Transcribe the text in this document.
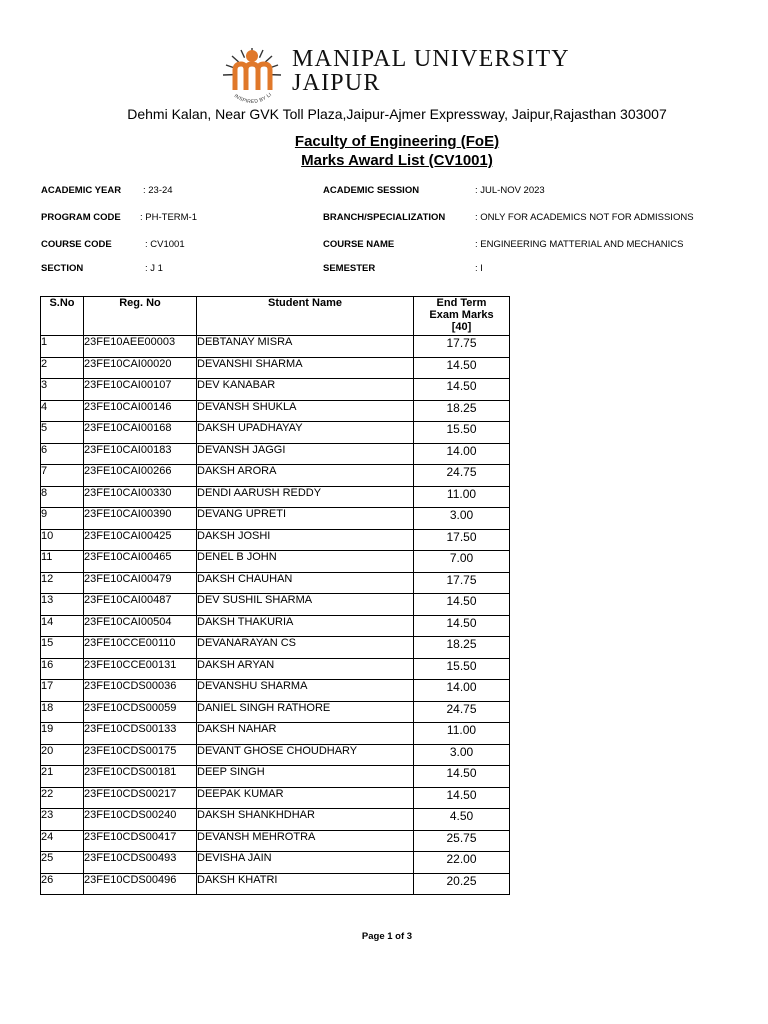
INSPIRED BY LI
MANIPAL UNIVERSITY
JAIPUR
Dehmi Kalan, Near GVK Toll Plaza,Jaipur-Ajmer Expressway, Jaipur,Rajasthan 303007
Faculty of Engineering (FoE)
Marks Award List (CV1001)
ACADEMIC YEAR : 23-24	ACADEMIC SESSION	: JUL-NOV 2023
PROGRAM CODE : PH-TERM-1	BRANCH/SPECIALIZATION	: ONLY FOR ACADEMICS NOT FOR ADMISSIONS
COURSE CODE	: CV1001	COURSE NAME	: ENGINEERING MATTERIAL AND MECHANICS
SECTION	: J 1	SEMESTER	: I
S.No	Reg. No	Student Name	End Term
Exam Marks
[40]

1	23FE10AEE00003	DEBTANAY MISRA	17.75
2	23FE10CAI00020	DEVANSHI SHARMA	14.50
3	23FE10CAI00107	DEV KANABAR	14.50
4	23FE10CAI00146	DEVANSH SHUKLA	18.25
5	23FE10CAI00168	DAKSH UPADHAYAY	15.50
6	23FE10CAI00183	DEVANSH JAGGI	14.00
7	23FE10CAI00266	DAKSH ARORA	24.75
8	23FE10CAI00330	DENDI AARUSH REDDY	11.00
9	23FE10CAI00390	DEVANG UPRETI	3.00
10	23FE10CAI00425	DAKSH JOSHI	17.50
11	23FE10CAI00465	DENEL B JOHN	7.00
12	23FE10CAI00479	DAKSH CHAUHAN	17.75
13	23FE10CAI00487	DEV SUSHIL SHARMA	14.50
14	23FE10CAI00504	DAKSH THAKURIA	14.50
15	23FE10CCE00110	DEVANARAYAN CS	18.25
16	23FE10CCE00131	DAKSH ARYAN	15.50
17	23FE10CDS00036	DEVANSHU SHARMA	14.00
18	23FE10CDS00059	DANIEL SINGH RATHORE	24.75
19	23FE10CDS00133	DAKSH NAHAR	11.00
20	23FE10CDS00175	DEVANT GHOSE CHOUDHARY	3.00
21	23FE10CDS00181	DEEP SINGH	14.50
22	23FE10CDS00217	DEEPAK KUMAR	14.50
23	23FE10CDS00240	DAKSH SHANKHDHAR	4.50
24	23FE10CDS00417	DEVANSH MEHROTRA	25.75
25	23FE10CDS00493	DEVISHA JAIN	22.00
26	23FE10CDS00496	DAKSH KHATRI	20.25
Page 1 of 3
